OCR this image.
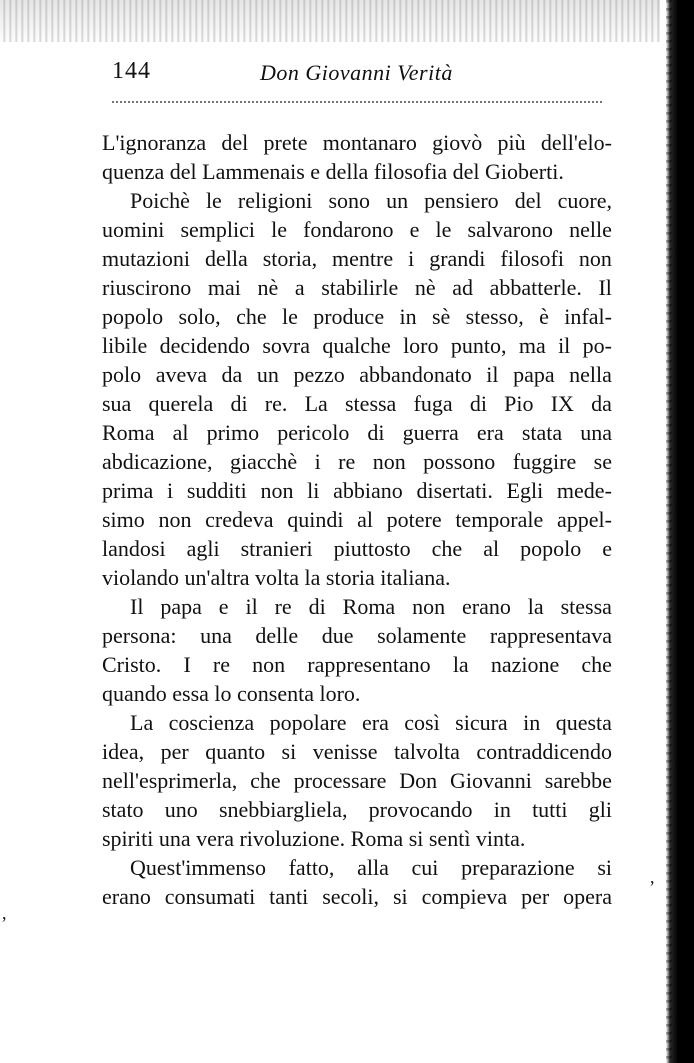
144	Don Giovanni Verità
L'ignoranza del prete montanaro giovò più dell'elo-
quenza del Lammenais e della filosofia del Gioberti.
Poichè le religioni sono un pensiero del cuore,
uomini semplici le fondarono e le salvarono nelle
mutazioni della storia, mentre i grandi filosofi non
riuscirono mai nè a stabilirle nè ad abbatterle. Il
popolo solo, che le produce in sè stesso, è infal-
libile decidendo sovra qualche loro punto, ma il po-
polo aveva da un pezzo abbandonato il papa nella
sua querela di re. La stessa fuga di Pio IX da
Roma al primo pericolo di guerra era stata una
abdicazione, giacchè i re non possono fuggire se
prima i sudditi non li abbiano disertati. Egli mede-
simo non credeva quindi al potere temporale appel-
landosi agli stranieri piuttosto che al popolo e
violando un'altra volta la storia italiana.
Il papa e il re di Roma non erano la stessa
persona: una delle due solamente rappresentava
Cristo. I re non rappresentano la nazione che
quando essa lo consenta loro.
La coscienza popolare era così sicura in questa
idea, per quanto si venisse talvolta contraddicendo
nell'esprimerla, che processare Don Giovanni sarebbe
stato uno snebbiargliela, provocando in tutti gli
spiriti una vera rivoluzione. Roma si sentì vinta.
Quest'immenso fatto, alla cui preparazione si
erano consumati tanti secoli, si compieva per opera
,
,
